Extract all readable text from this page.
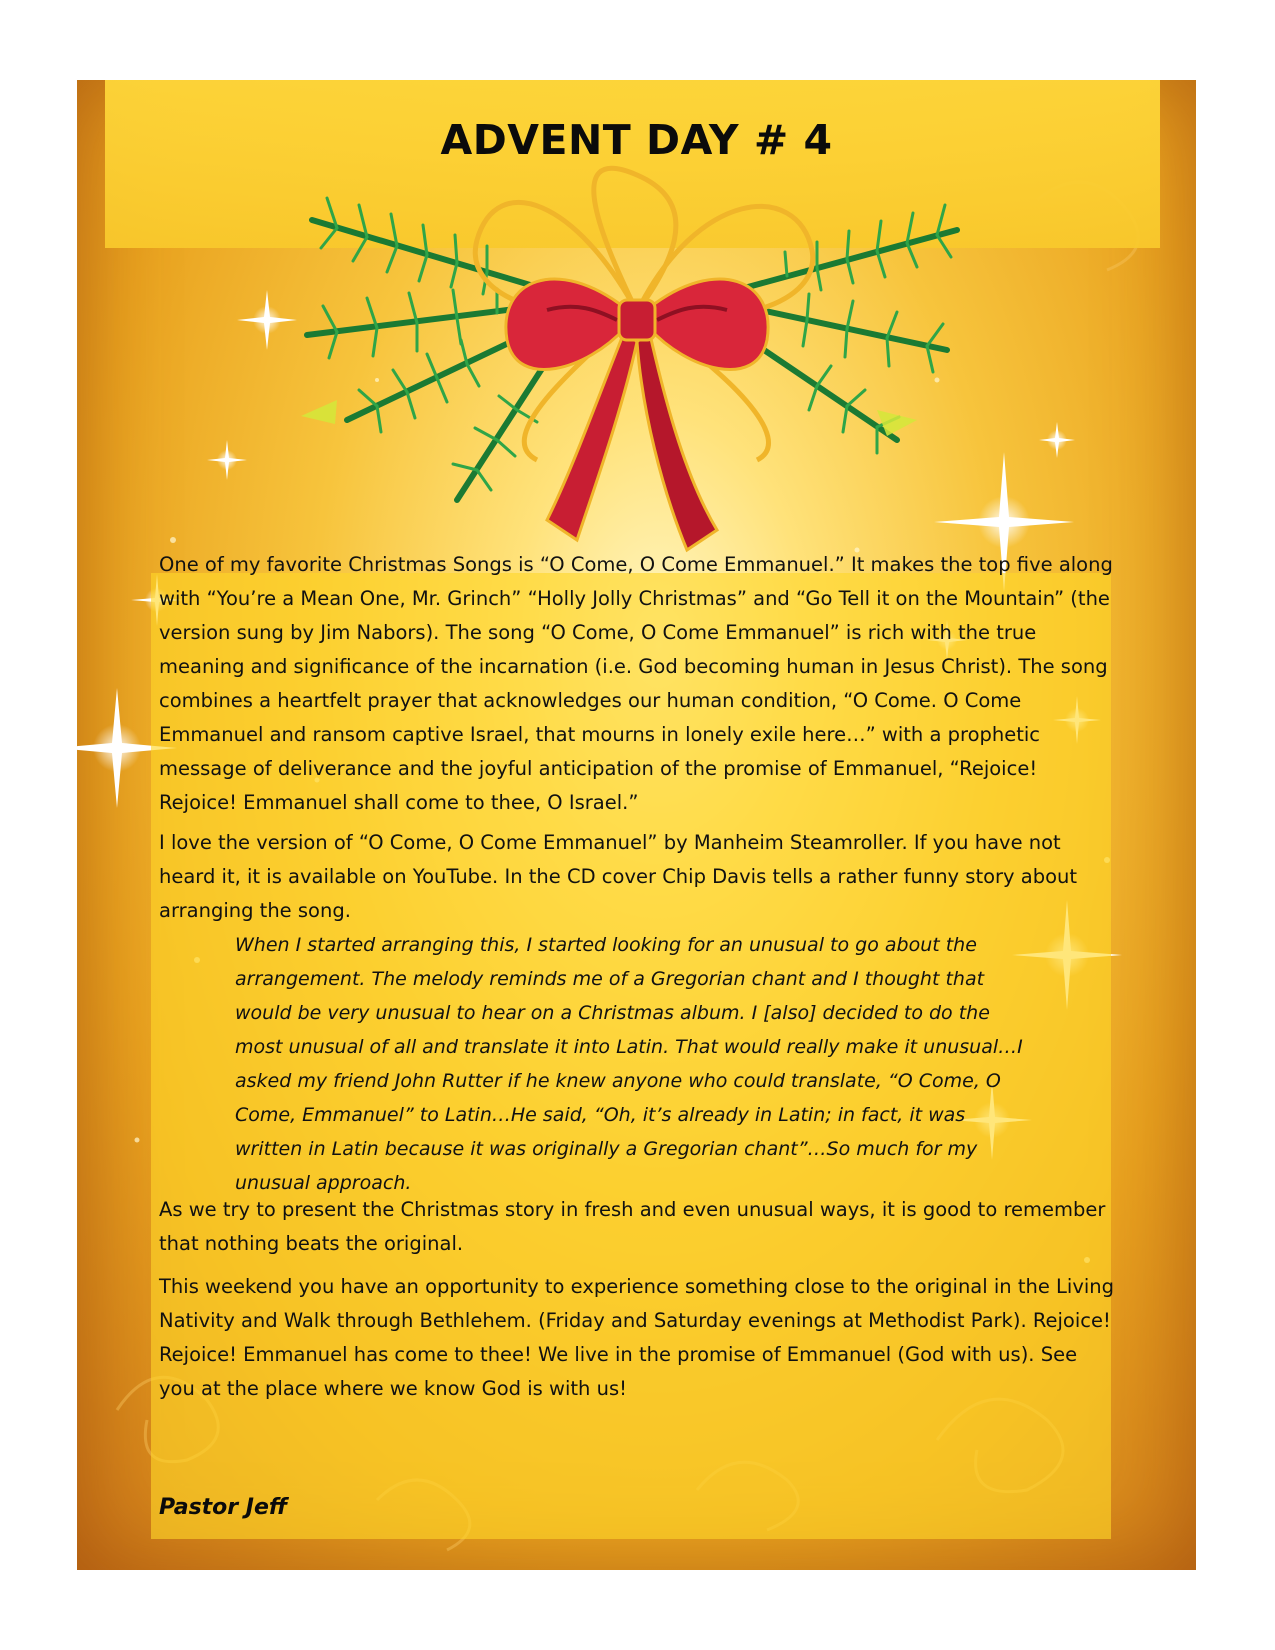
ADVENT DAY # 4

One of my favorite Christmas Songs is “O Come, O Come Emmanuel.” It makes the top five along with “You’re a Mean One, Mr. Grinch” “Holly Jolly Christmas” and “Go Tell it on the Mountain” (the version sung by Jim Nabors). The song “O Come, O Come Emmanuel” is rich with the true meaning and significance of the incarnation (i.e. God becoming human in Jesus Christ). The song combines a heartfelt prayer that acknowledges our human condition, “O Come. O Come Emmanuel and ransom captive Israel, that mourns in lonely exile here…” with a prophetic message of deliverance and the joyful anticipation of the promise of Emmanuel, “Rejoice! Rejoice! Emmanuel shall come to thee, O Israel.”

I love the version of “O Come, O Come Emmanuel” by Manheim Steamroller. If you have not heard it, it is available on YouTube. In the CD cover Chip Davis tells a rather funny story about arranging the song.

When I started arranging this, I started looking for an unusual to go about the arrangement. The melody reminds me of a Gregorian chant and I thought that would be very unusual to hear on a Christmas album. I [also] decided to do the most unusual of all and translate it into Latin. That would really make it unusual…I asked my friend John Rutter if he knew anyone who could translate, “O Come, O Come, Emmanuel” to Latin…He said, “Oh, it’s already in Latin; in fact, it was written in Latin because it was originally a Gregorian chant”…So much for my unusual approach.

As we try to present the Christmas story in fresh and even unusual ways, it is good to remember that nothing beats the original.

This weekend you have an opportunity to experience something close to the original in the Living Nativity and Walk through Bethlehem. (Friday and Saturday evenings at Methodist Park). Rejoice! Rejoice! Emmanuel has come to thee! We live in the promise of Emmanuel (God with us). See you at the place where we know God is with us!

Pastor Jeff
